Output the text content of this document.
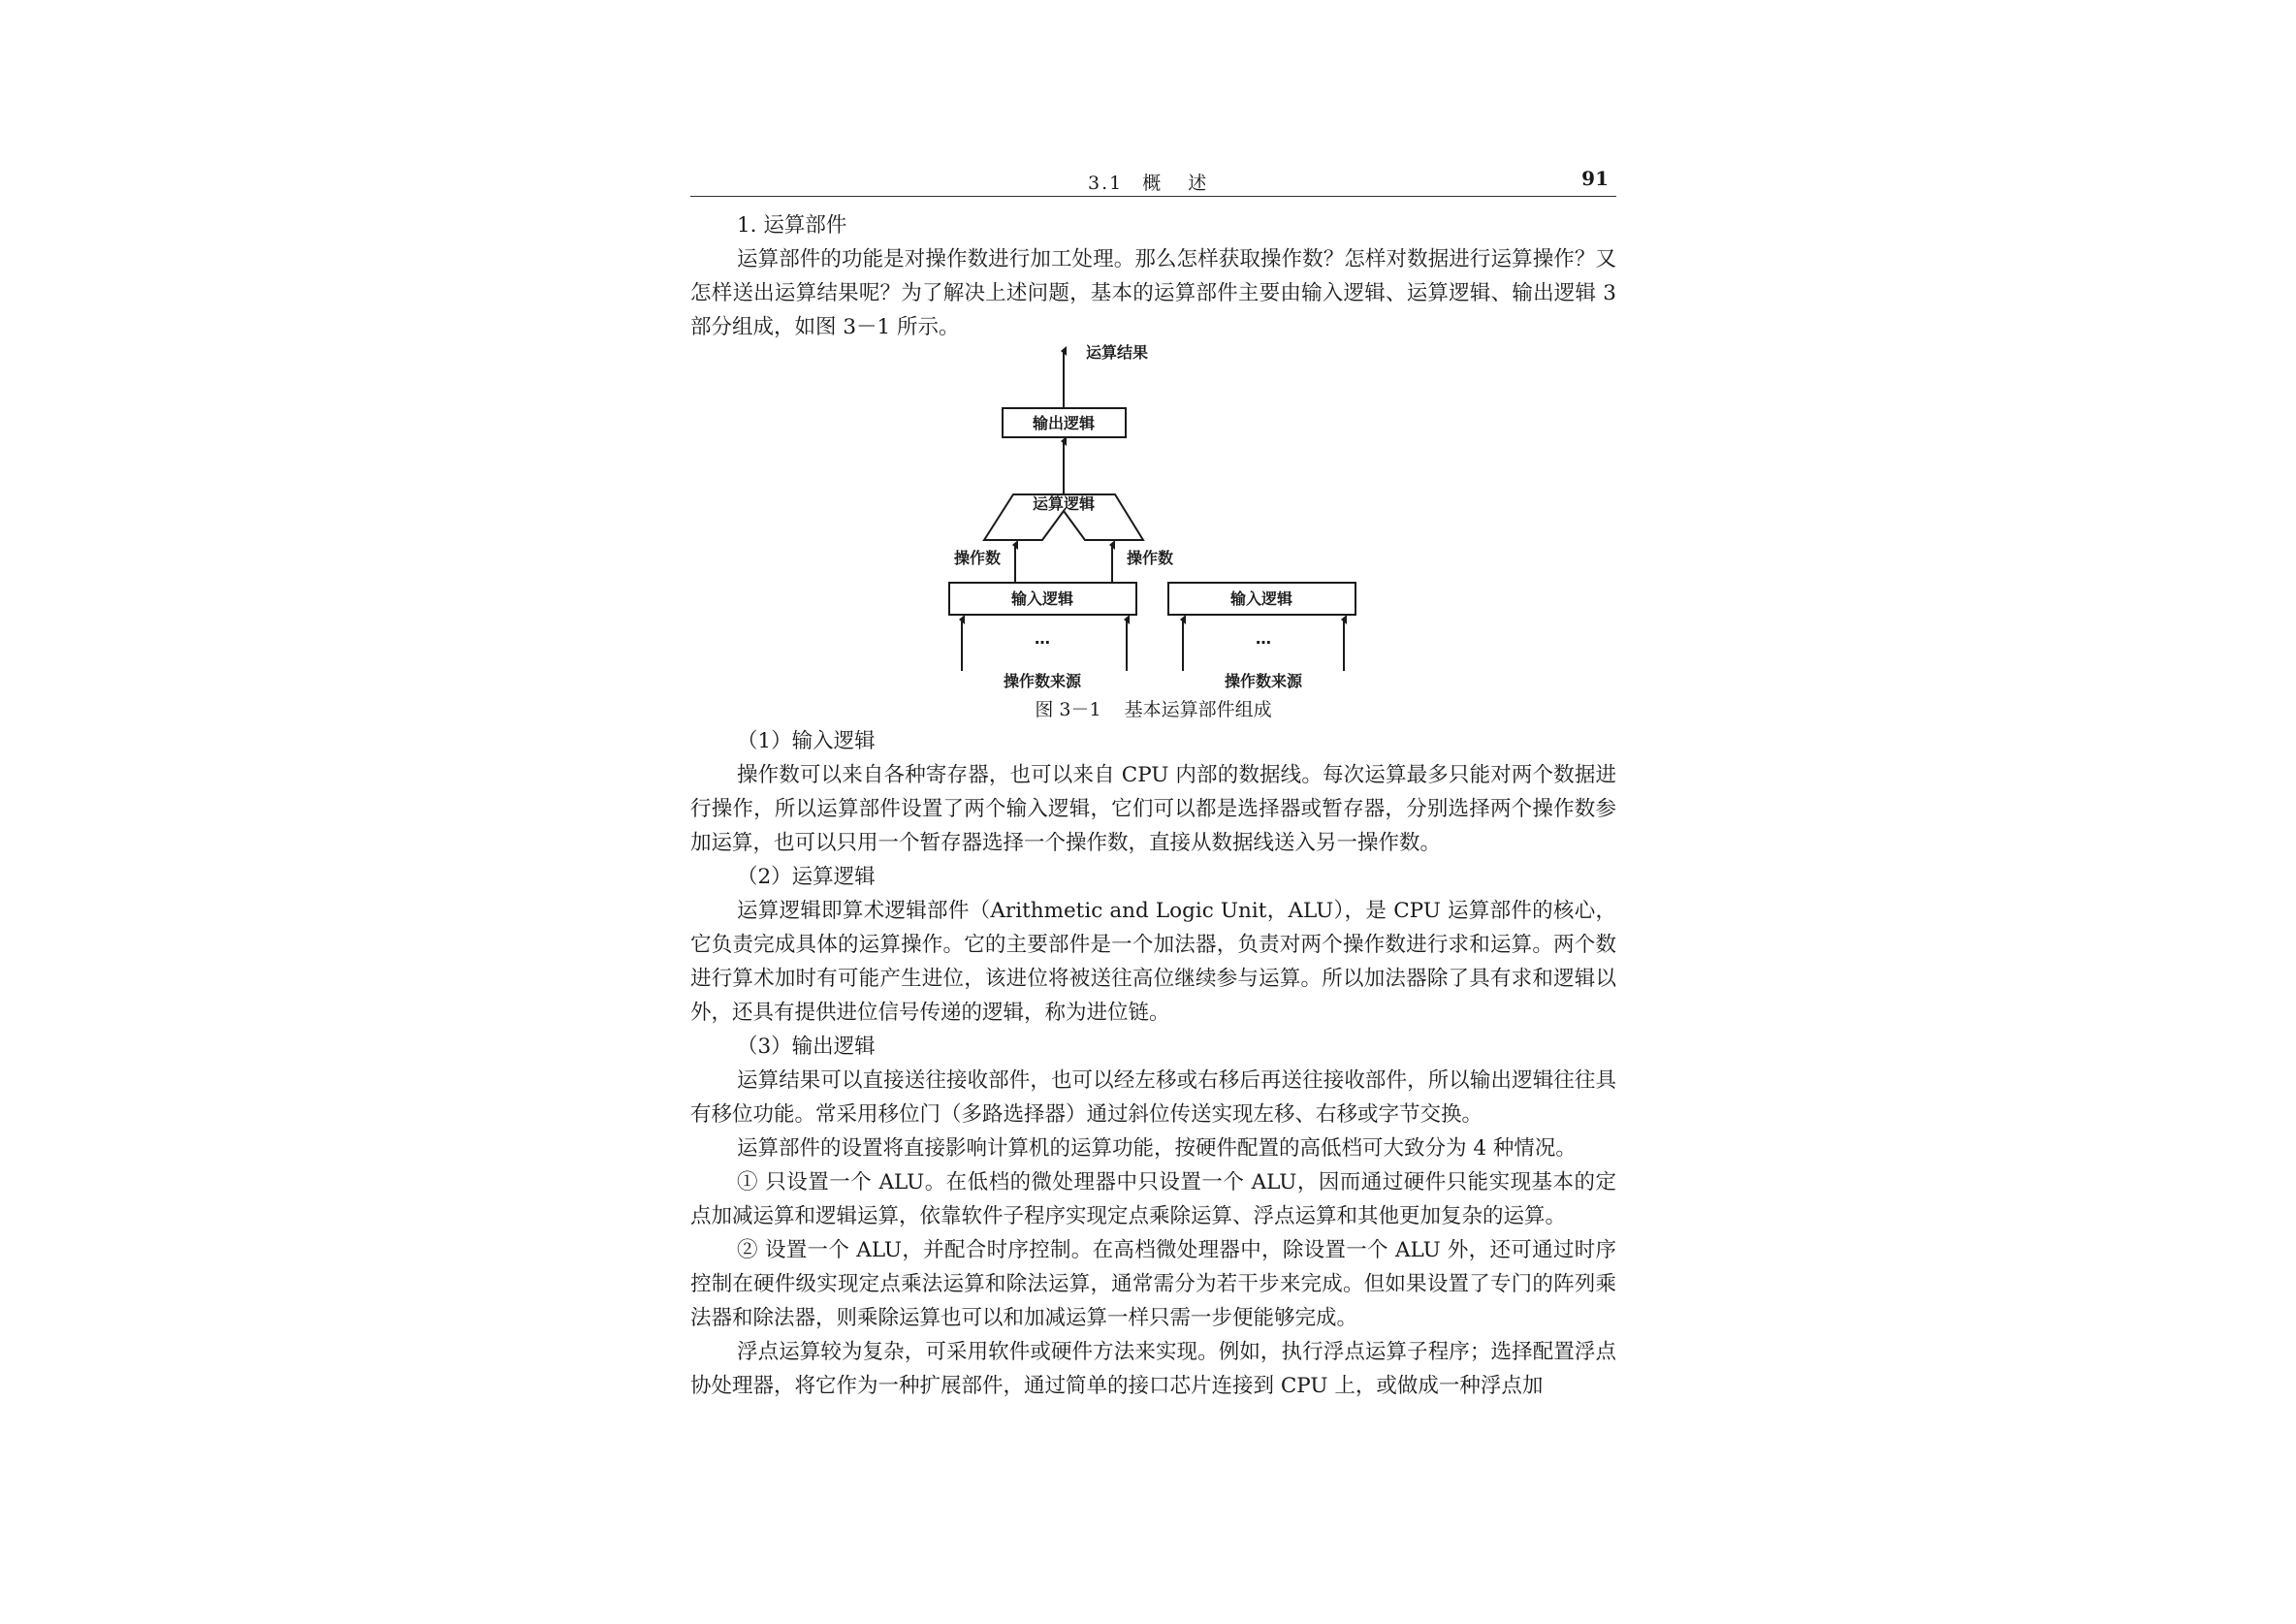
3.1 概述	91

1. 运算部件

运算部件的功能是对操作数进行加工处理。那么怎样获取操作数？怎样对数据进行运算操作？又怎样送出运算结果呢？为了解决上述问题，基本的运算部件主要由输入逻辑、运算逻辑、输出逻辑 3 部分组成，如图 3－1 所示。

运算结果
输出逻辑
运算逻辑
操作数	操作数
输入逻辑	输入逻辑
…	…
操作数来源	操作数来源
图 3－1 基本运算部件组成

（1）输入逻辑

操作数可以来自各种寄存器，也可以来自 CPU 内部的数据线。每次运算最多只能对两个数据进行操作，所以运算部件设置了两个输入逻辑，它们可以都是选择器或暂存器，分别选择两个操作数参加运算，也可以只用一个暂存器选择一个操作数，直接从数据线送入另一操作数。

（2）运算逻辑

运算逻辑即算术逻辑部件（Arithmetic and Logic Unit，ALU），是 CPU 运算部件的核心，它负责完成具体的运算操作。它的主要部件是一个加法器，负责对两个操作数进行求和运算。两个数进行算术加时有可能产生进位，该进位将被送往高位继续参与运算。所以加法器除了具有求和逻辑以外，还具有提供进位信号传递的逻辑，称为进位链。

（3）输出逻辑

运算结果可以直接送往接收部件，也可以经左移或右移后再送往接收部件，所以输出逻辑往往具有移位功能。常采用移位门（多路选择器）通过斜位传送实现左移、右移或字节交换。

运算部件的设置将直接影响计算机的运算功能，按硬件配置的高低档可大致分为 4 种情况。

① 只设置一个 ALU。在低档的微处理器中只设置一个 ALU，因而通过硬件只能实现基本的定点加减运算和逻辑运算，依靠软件子程序实现定点乘除运算、浮点运算和其他更加复杂的运算。

② 设置一个 ALU，并配合时序控制。在高档微处理器中，除设置一个 ALU 外，还可通过时序控制在硬件级实现定点乘法运算和除法运算，通常需分为若干步来完成。但如果设置了专门的阵列乘法器和除法器，则乘除运算也可以和加减运算一样只需一步便能够完成。

浮点运算较为复杂，可采用软件或硬件方法来实现。例如，执行浮点运算子程序；选择配置浮点协处理器，将它作为一种扩展部件，通过简单的接口芯片连接到 CPU 上，或做成一种浮点加
